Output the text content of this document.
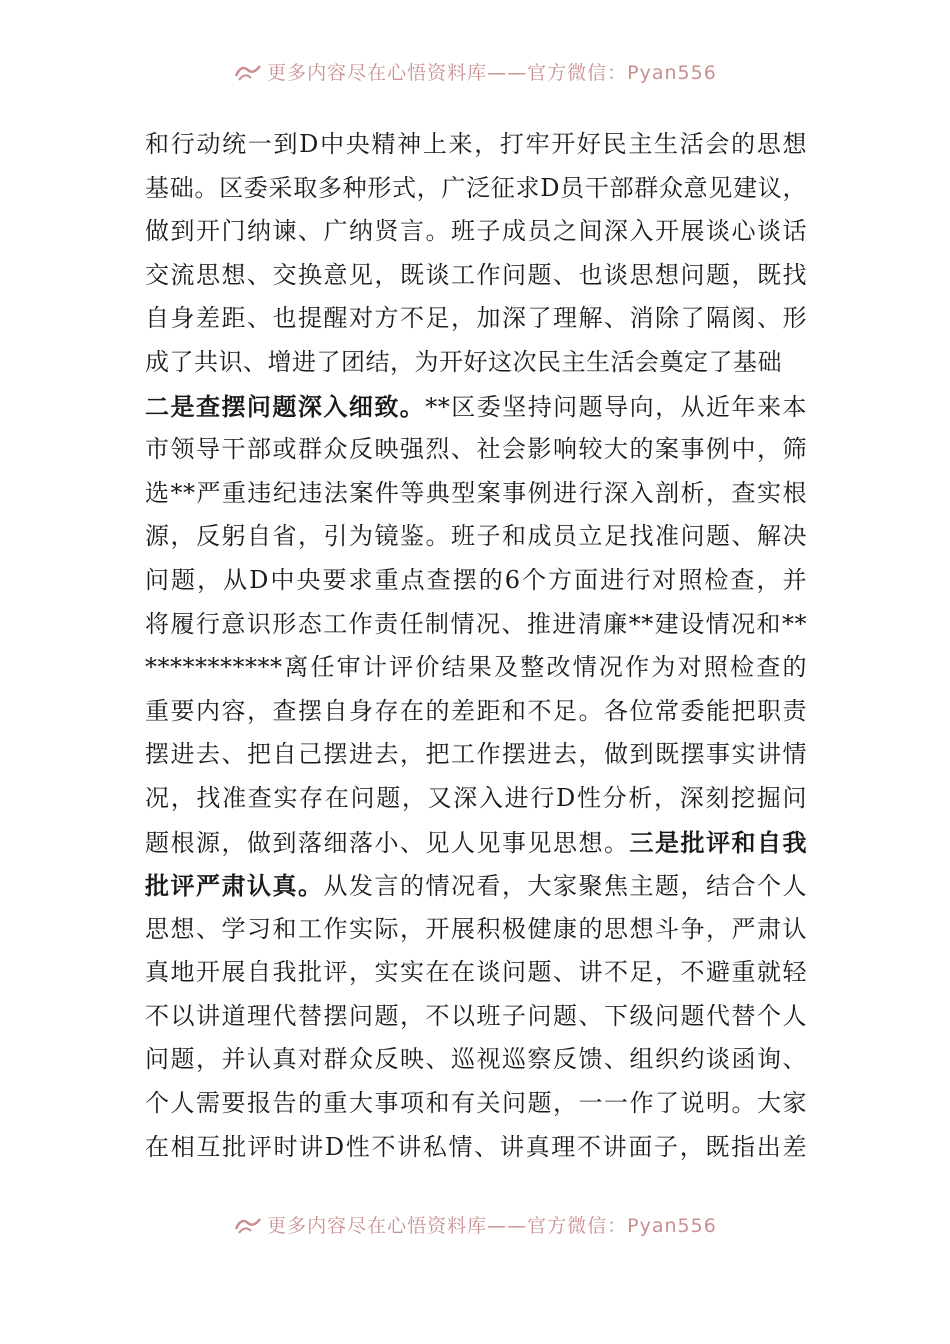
更多内容尽在心悟资料库——官方微信：Pyan556
和行动统一到D中央精神上来，打牢开好民主生活会的思想
基础。区委采取多种形式，广泛征求D员干部群众意见建议，
做到开门纳谏、广纳贤言。班子成员之间深入开展谈心谈话
交流思想、交换意见，既谈工作问题、也谈思想问题，既找
自身差距、也提醒对方不足，加深了理解、消除了隔阂、形
成了共识、增进了团结，为开好这次民主生活会奠定了基础
二是查摆问题深入细致。**区委坚持问题导向，从近年来本
市领导干部或群众反映强烈、社会影响较大的案事例中，筛
选**严重违纪违法案件等典型案事例进行深入剖析，查实根
源，反躬自省，引为镜鉴。班子和成员立足找准问题、解决
问题，从D中央要求重点查摆的6个方面进行对照检查，并
将履行意识形态工作责任制情况、推进清廉**建设情况和**
***********离任审计评价结果及整改情况作为对照检查的
重要内容，查摆自身存在的差距和不足。各位常委能把职责
摆进去、把自己摆进去，把工作摆进去，做到既摆事实讲情
况，找准查实存在问题，又深入进行D性分析，深刻挖掘问
题根源，做到落细落小、见人见事见思想。三是批评和自我
批评严肃认真。从发言的情况看，大家聚焦主题，结合个人
思想、学习和工作实际，开展积极健康的思想斗争，严肃认
真地开展自我批评，实实在在谈问题、讲不足，不避重就轻
不以讲道理代替摆问题，不以班子问题、下级问题代替个人
问题，并认真对群众反映、巡视巡察反馈、组织约谈函询、
个人需要报告的重大事项和有关问题，一一作了说明。大家
在相互批评时讲D性不讲私情、讲真理不讲面子，既指出差
更多内容尽在心悟资料库——官方微信：Pyan556
